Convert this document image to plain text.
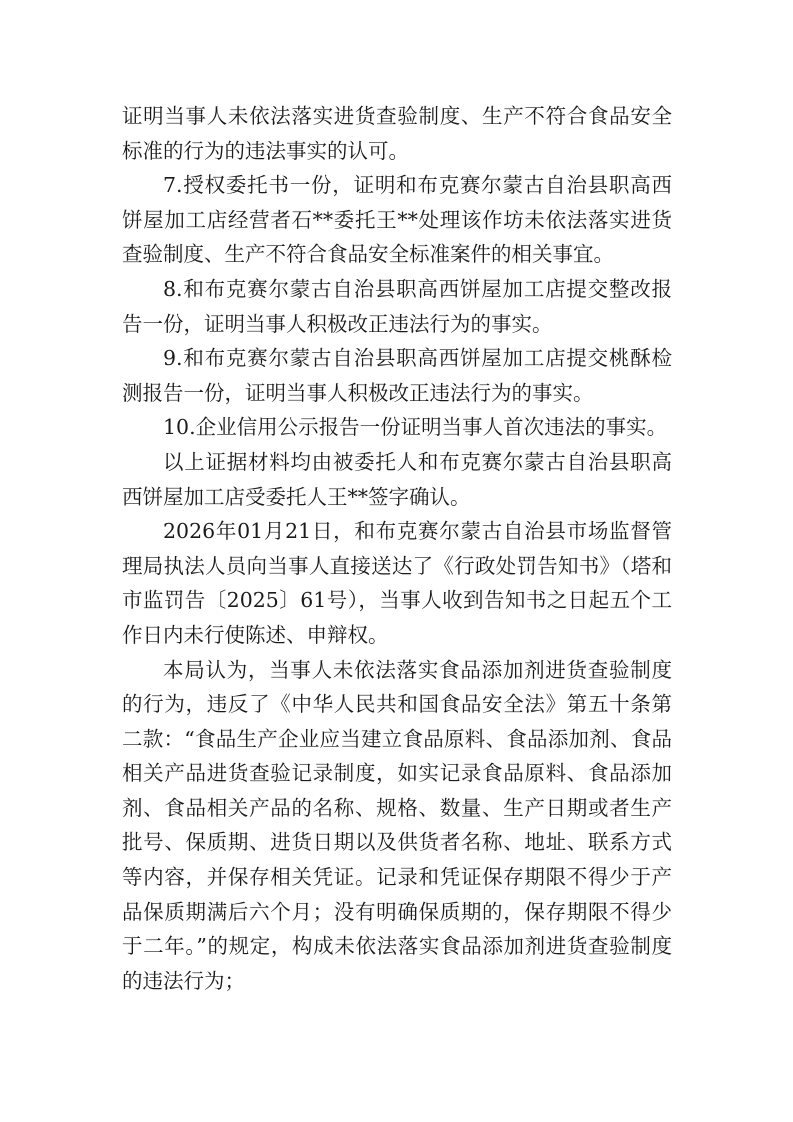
证明当事人未依法落实进货查验制度、生产不符合食品安全标准的行为的违法事实的认可。

7.授权委托书一份，证明和布克赛尔蒙古自治县职高西饼屋加工店经营者石**委托王**处理该作坊未依法落实进货查验制度、生产不符合食品安全标准案件的相关事宜。

8.和布克赛尔蒙古自治县职高西饼屋加工店提交整改报告一份，证明当事人积极改正违法行为的事实。

9.和布克赛尔蒙古自治县职高西饼屋加工店提交桃酥检测报告一份，证明当事人积极改正违法行为的事实。

10.企业信用公示报告一份证明当事人首次违法的事实。

以上证据材料均由被委托人和布克赛尔蒙古自治县职高西饼屋加工店受委托人王**签字确认。

2026年01月21日，和布克赛尔蒙古自治县市场监督管理局执法人员向当事人直接送达了《行政处罚告知书》（塔和市监罚告〔2025〕61号），当事人收到告知书之日起五个工作日内未行使陈述、申辩权。

本局认为，当事人未依法落实食品添加剂进货查验制度的行为，违反了《中华人民共和国食品安全法》第五十条第二款：“食品生产企业应当建立食品原料、食品添加剂、食品相关产品进货查验记录制度，如实记录食品原料、食品添加剂、食品相关产品的名称、规格、数量、生产日期或者生产批号、保质期、进货日期以及供货者名称、地址、联系方式等内容，并保存相关凭证。记录和凭证保存期限不得少于产品保质期满后六个月；没有明确保质期的，保存期限不得少于二年。”的规定，构成未依法落实食品添加剂进货查验制度的违法行为；
